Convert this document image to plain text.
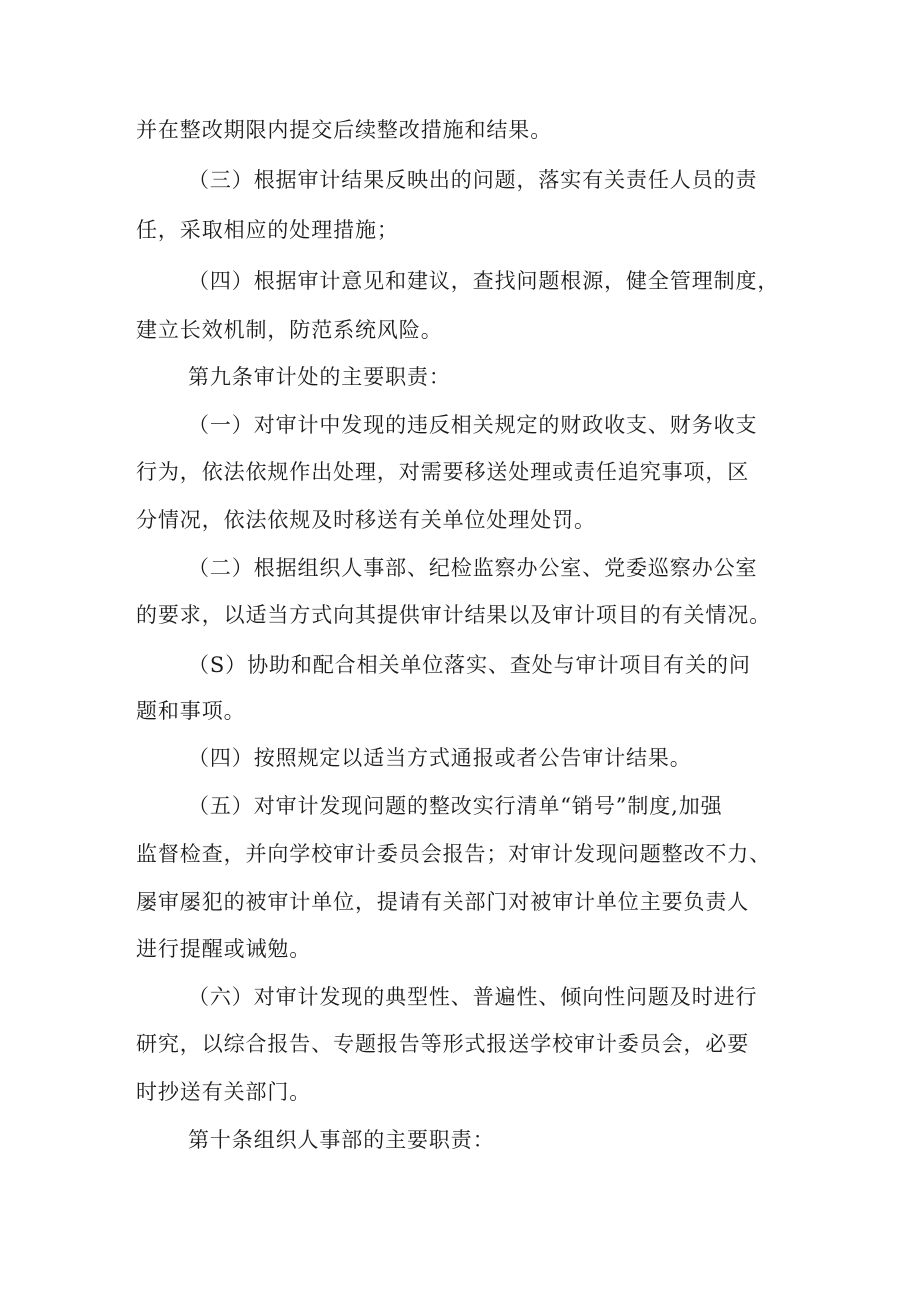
并在整改期限内提交后续整改措施和结果。
（三）根据审计结果反映出的问题，落实有关责任人员的责
任，采取相应的处理措施；
（四）根据审计意见和建议，查找问题根源，健全管理制度，
建立长效机制，防范系统风险。
第九条审计处的主要职责：
（一）对审计中发现的违反相关规定的财政收支、财务收支
行为，依法依规作出处理，对需要移送处理或责任追究事项，区
分情况，依法依规及时移送有关单位处理处罚。
（二）根据组织人事部、纪检监察办公室、党委巡察办公室
的要求，以适当方式向其提供审计结果以及审计项目的有关情况。
（S）协助和配合相关单位落实、查处与审计项目有关的问
题和事项。
（四）按照规定以适当方式通报或者公告审计结果。
（五）对审计发现问题的整改实行清单“销号”制度,加强
监督检查，并向学校审计委员会报告；对审计发现问题整改不力、
屡审屡犯的被审计单位，提请有关部门对被审计单位主要负责人
进行提醒或诫勉。
（六）对审计发现的典型性、普遍性、倾向性问题及时进行
研究，以综合报告、专题报告等形式报送学校审计委员会，必要
时抄送有关部门。
第十条组织人事部的主要职责：
